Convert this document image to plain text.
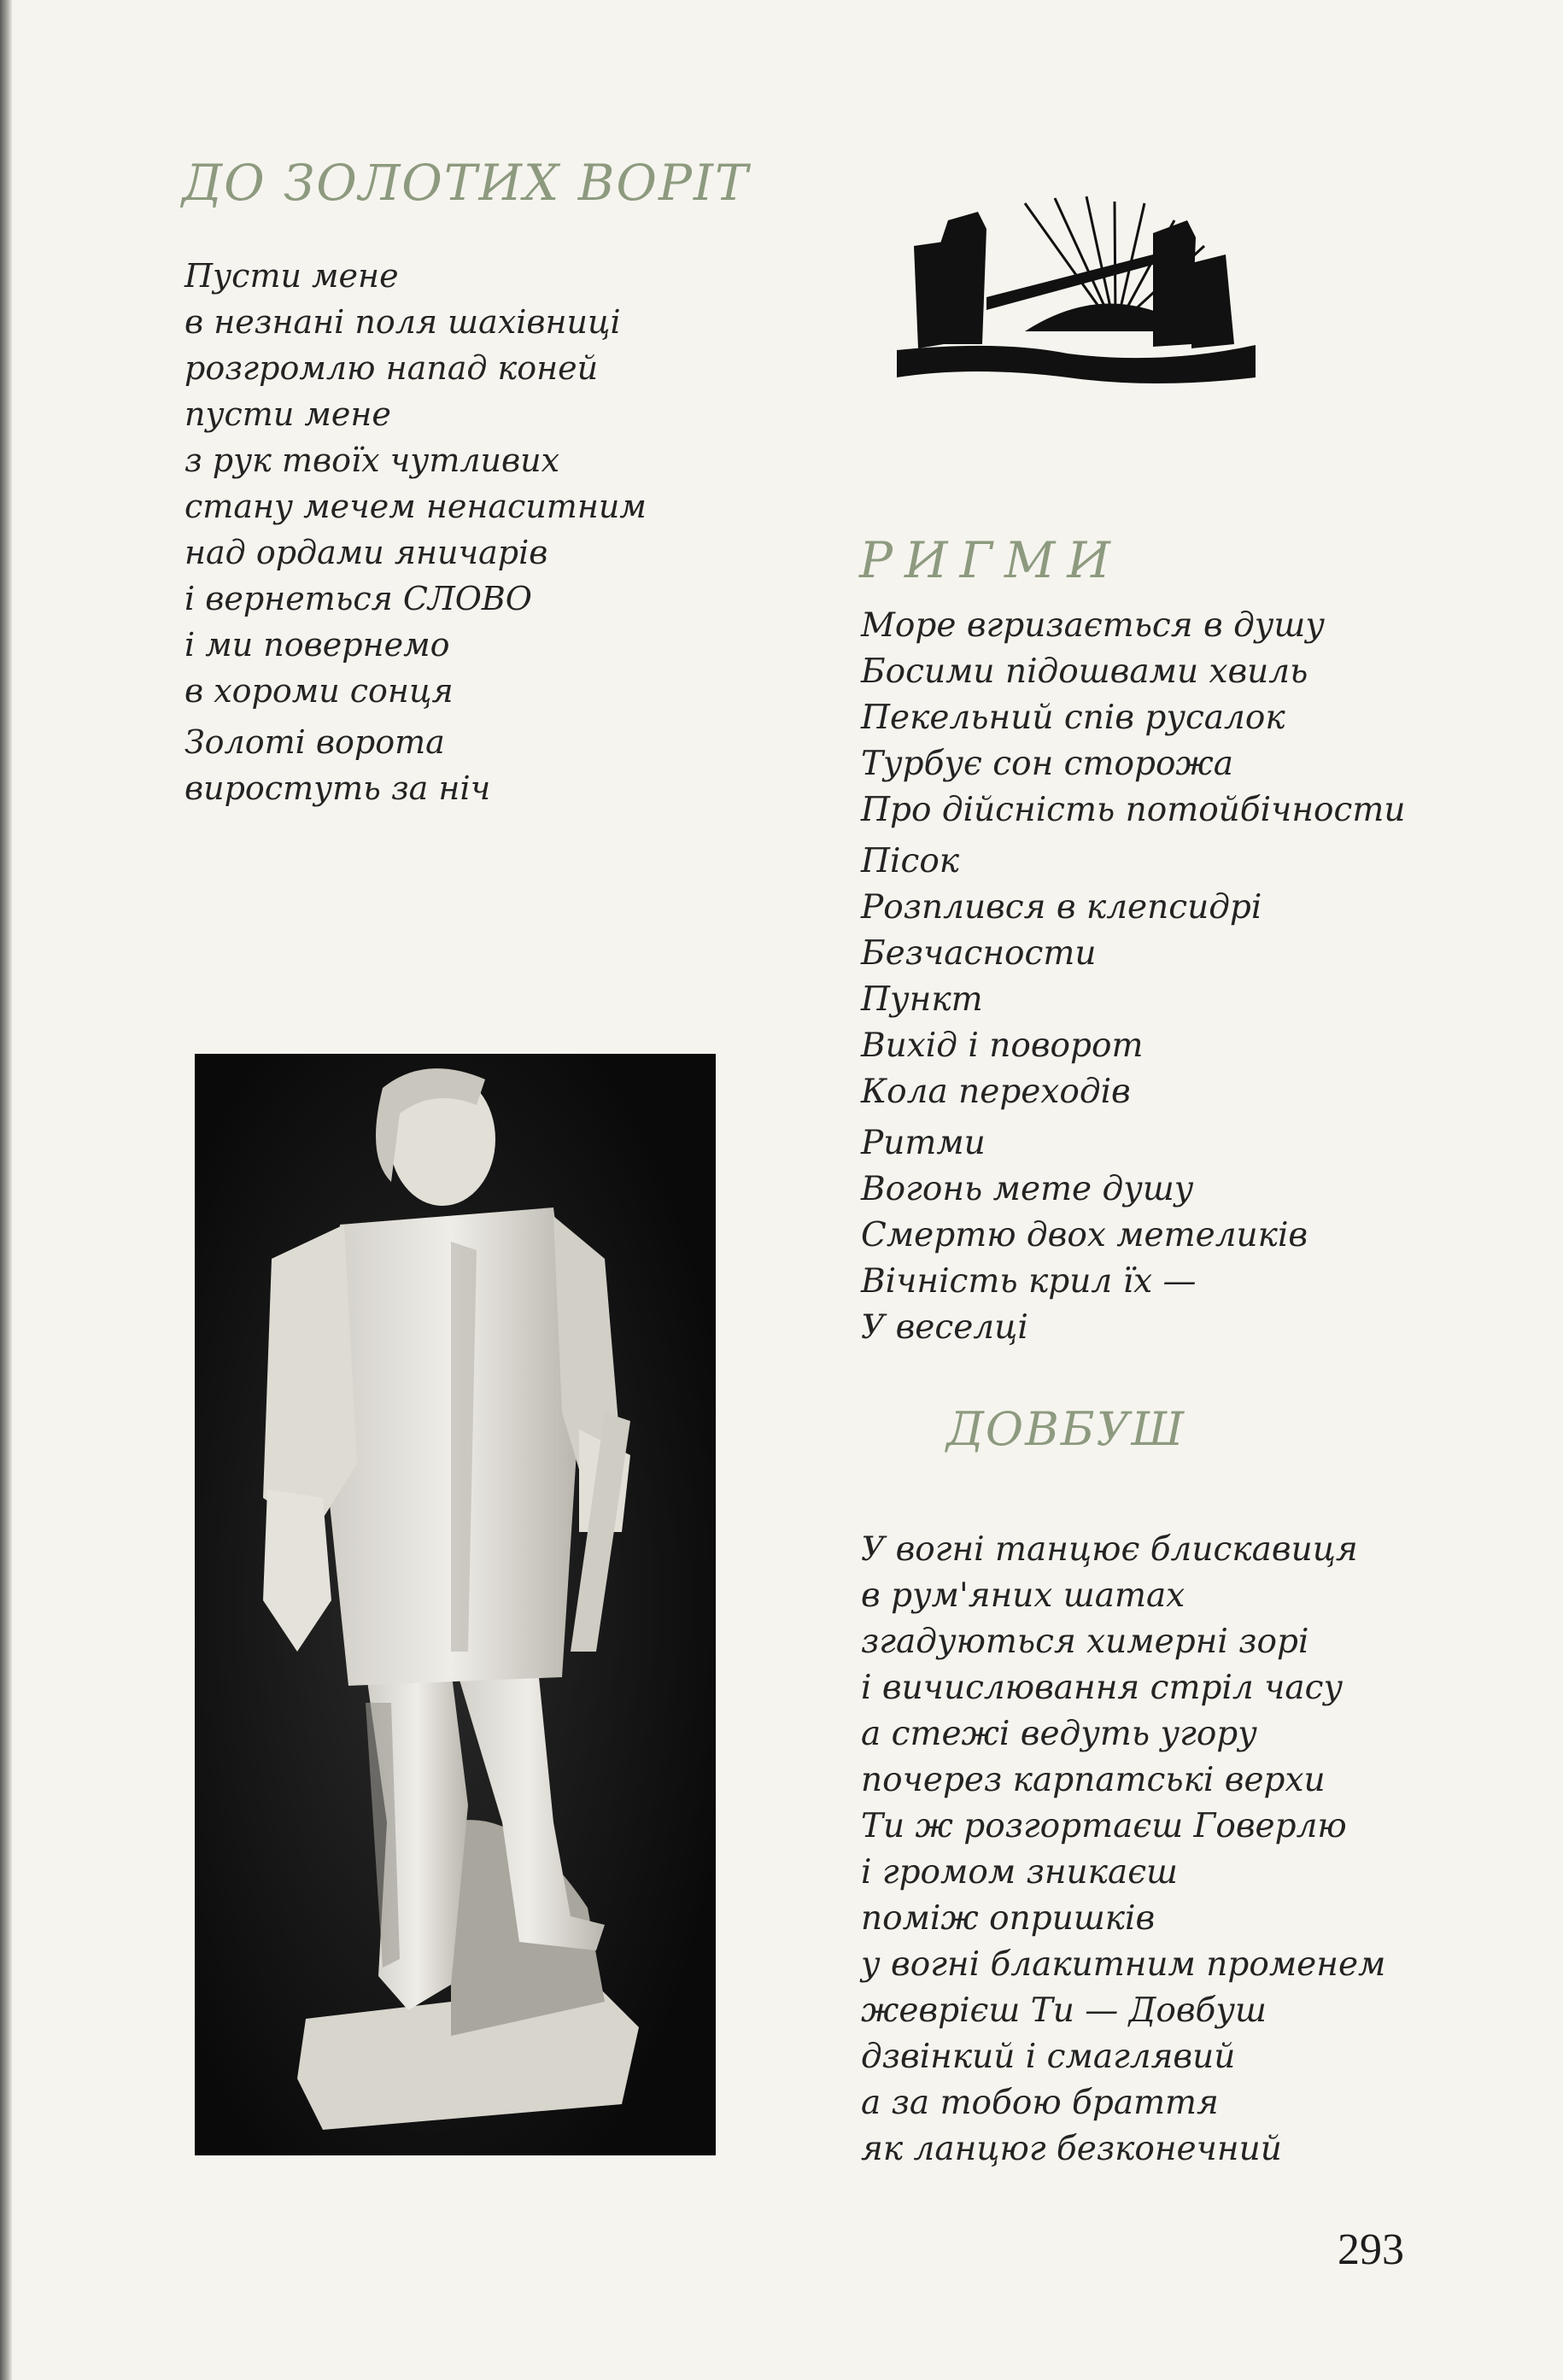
ДО ЗОЛОТИХ ВОРІТ
Пусти мене
в незнані поля шахівниці
розгромлю напад коней
пусти мене
з рук твоїх чутливих
стану мечем ненаситним
над ордами яничарів
і вернеться СЛОВО
і ми повернемо
в хороми сонця
Золоті ворота
виростуть за ніч
РИГМИ
Море вгризається в душу
Босими підошвами хвиль
Пекельний спів русалок
Турбує сон сторожа
Про дійсність потойбічности
Пісок
Розплився в клепсидрі
Безчасности
Пункт
Вихід і поворот
Кола переходів
Ритми
Вогонь мете душу
Смертю двох метеликів
Вічність крил їх —
У веселці
ДОВБУШ
У вогні танцює блискавиця
в рум'яних шатах
згадуються химерні зорі
і вичислювання стріл часу
а стежі ведуть угору
почерез карпатські верхи
Ти ж розгортаєш Говерлю
і громом зникаєш
поміж опришків
у вогні блакитним променем
жеврієш Ти — Довбуш
дзвінкий і смаглявий
а за тобою браття
як ланцюг безконечний
293
